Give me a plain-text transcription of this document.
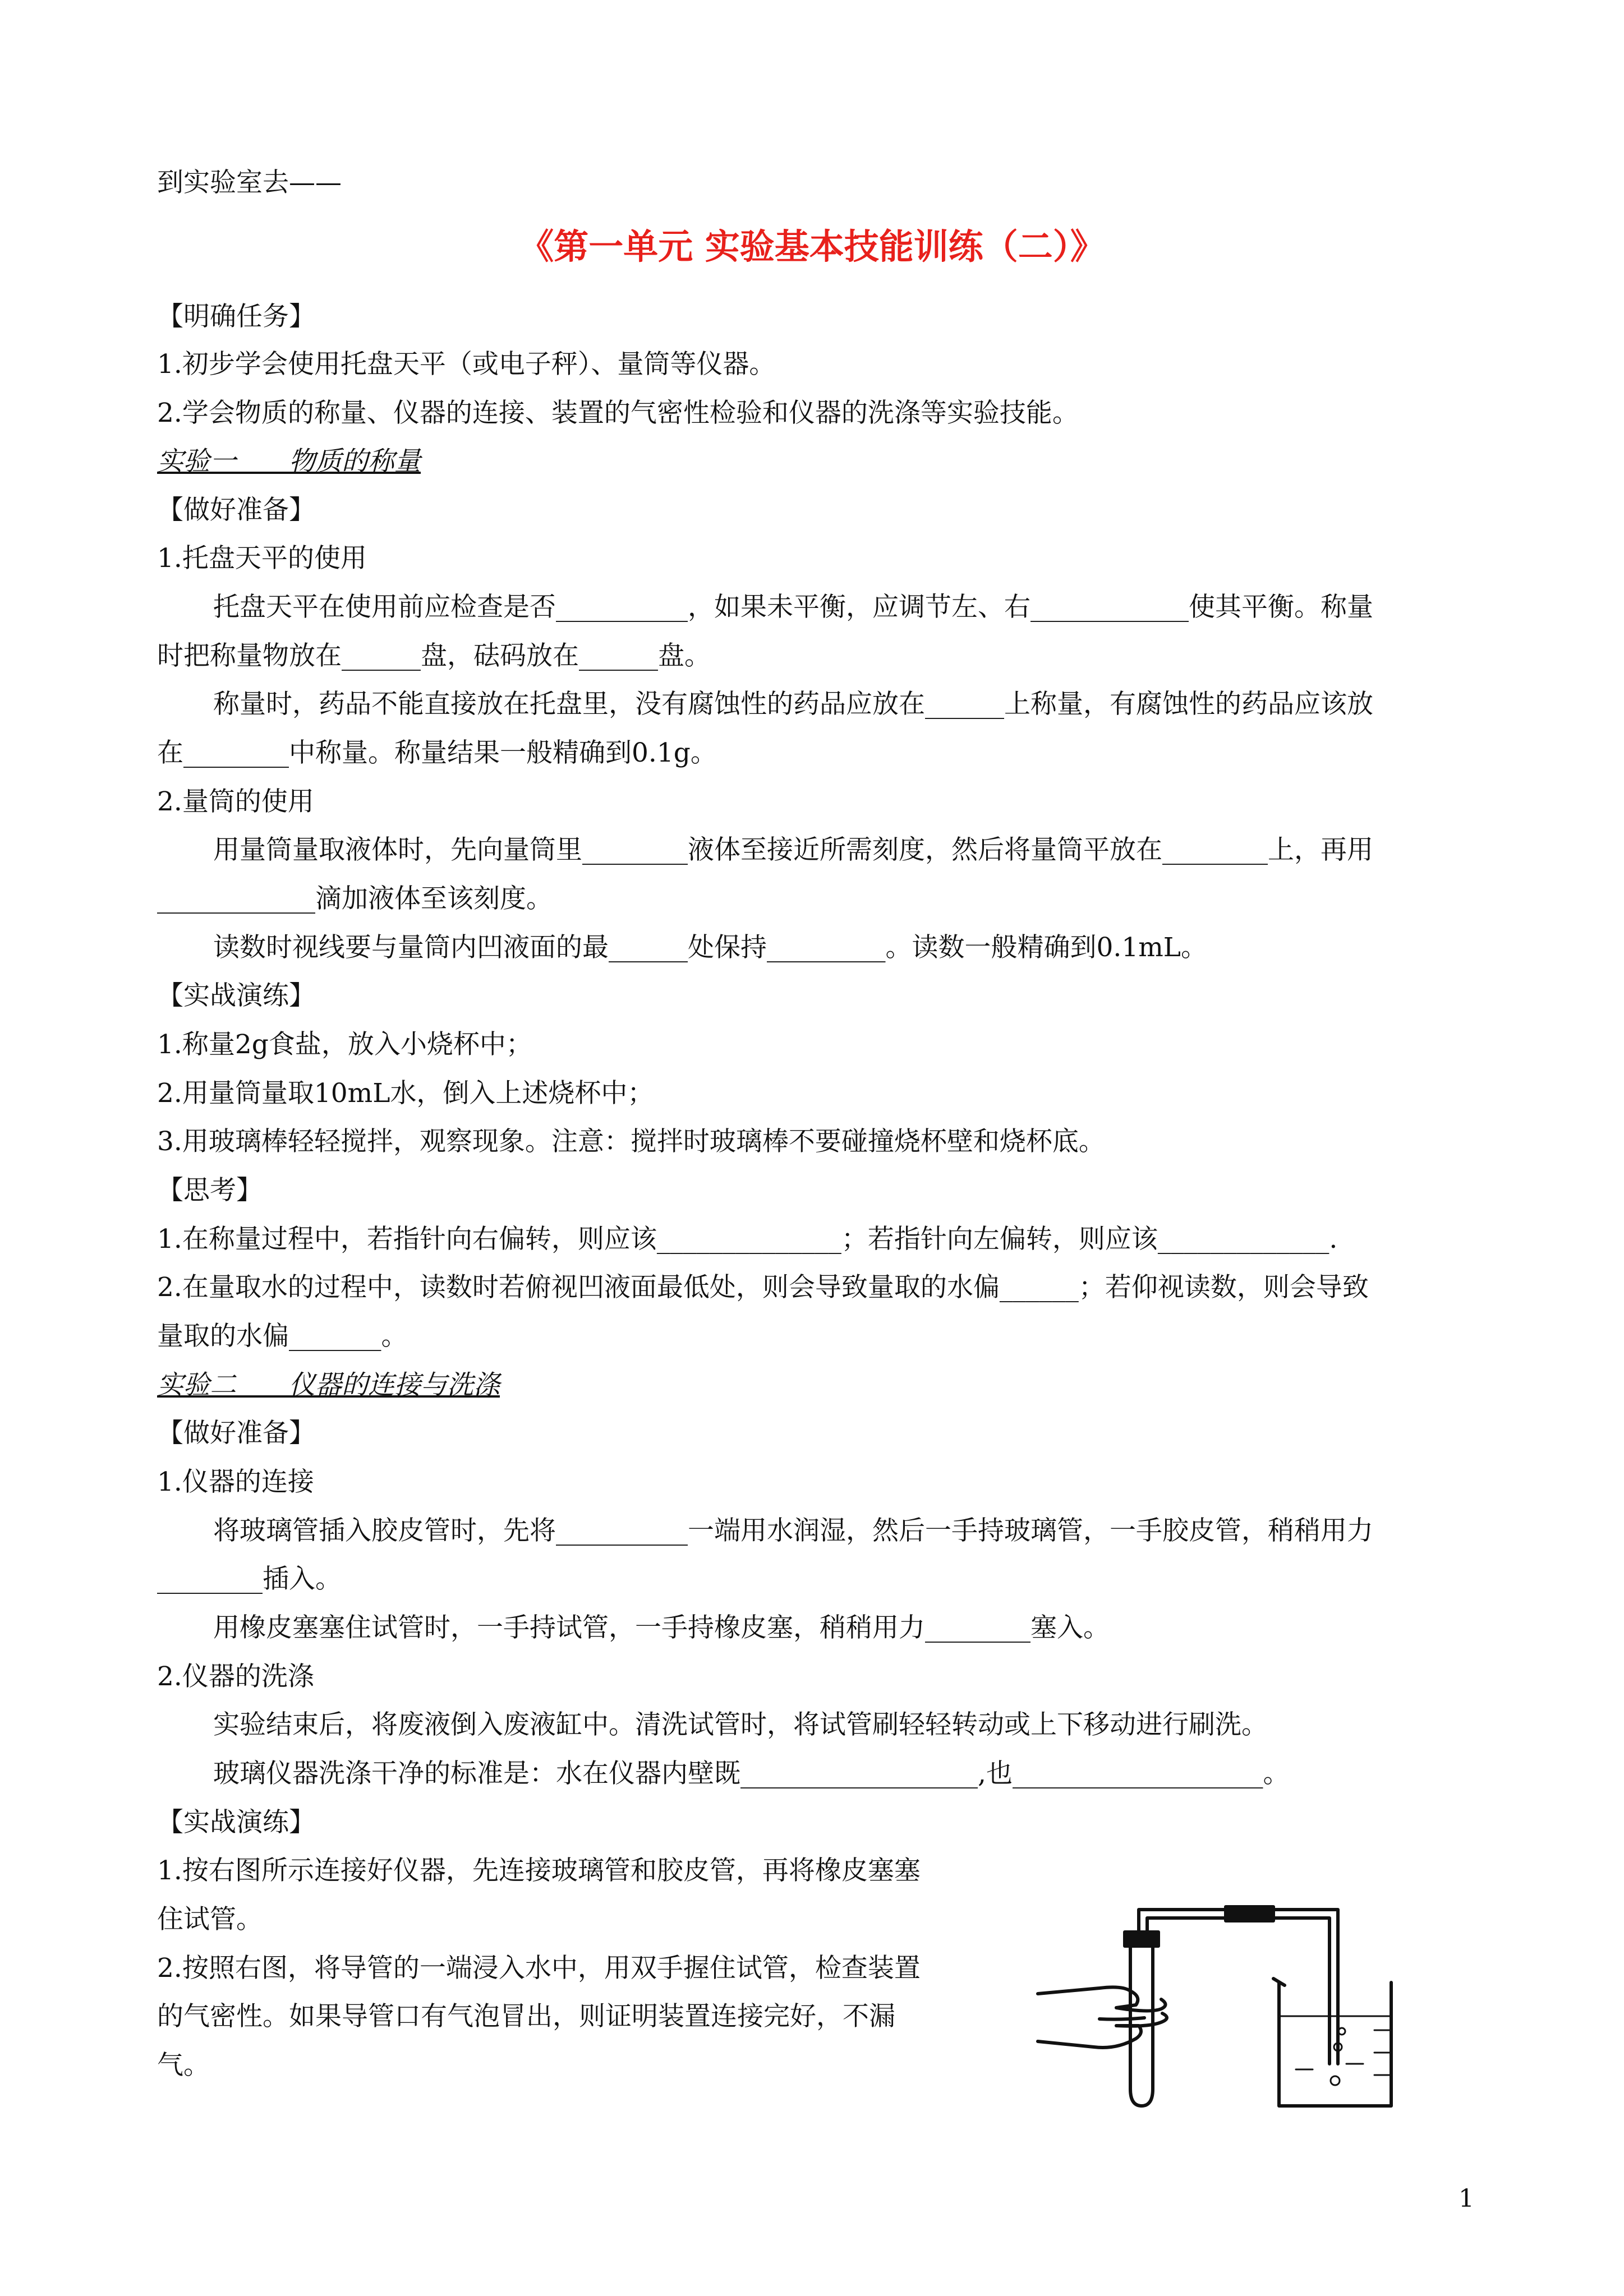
到实验室去——
《第一单元 实验基本技能训练（二）》
【明确任务】
1.初步学会使用托盘天平（或电子秤）、量筒等仪器。
2.学会物质的称量、仪器的连接、装置的气密性检验和仪器的洗涤等实验技能。
实验一　　物质的称量
【做好准备】
1.托盘天平的使用
托盘天平在使用前应检查是否__________，如果未平衡，应调节左、右____________使其平衡。称量
时把称量物放在______盘，砝码放在______盘。
称量时，药品不能直接放在托盘里，没有腐蚀性的药品应放在______上称量，有腐蚀性的药品应该放
在________中称量。称量结果一般精确到0.1g。
2.量筒的使用
用量筒量取液体时，先向量筒里________液体至接近所需刻度，然后将量筒平放在________上，再用
____________滴加液体至该刻度。
读数时视线要与量筒内凹液面的最______处保持_________。读数一般精确到0.1mL。
【实战演练】
1.称量2g食盐，放入小烧杯中；
2.用量筒量取10mL水，倒入上述烧杯中；
3.用玻璃棒轻轻搅拌，观察现象。注意：搅拌时玻璃棒不要碰撞烧杯壁和烧杯底。
【思考】
1.在称量过程中，若指针向右偏转，则应该______________；若指针向左偏转，则应该_____________.
2.在量取水的过程中，读数时若俯视凹液面最低处，则会导致量取的水偏______；若仰视读数，则会导致
量取的水偏_______。
实验二　　仪器的连接与洗涤
【做好准备】
1.仪器的连接
将玻璃管插入胶皮管时，先将__________一端用水润湿，然后一手持玻璃管，一手胶皮管，稍稍用力
________插入。
用橡皮塞塞住试管时，一手持试管，一手持橡皮塞，稍稍用力________塞入。
2.仪器的洗涤
实验结束后，将废液倒入废液缸中。清洗试管时，将试管刷轻轻转动或上下移动进行刷洗。
玻璃仪器洗涤干净的标准是：水在仪器内壁既__________________,也___________________。
【实战演练】
1.按右图所示连接好仪器，先连接玻璃管和胶皮管，再将橡皮塞塞
住试管。
2.按照右图，将导管的一端浸入水中，用双手握住试管，检查装置
的气密性。如果导管口有气泡冒出，则证明装置连接完好，不漏
气。
1
